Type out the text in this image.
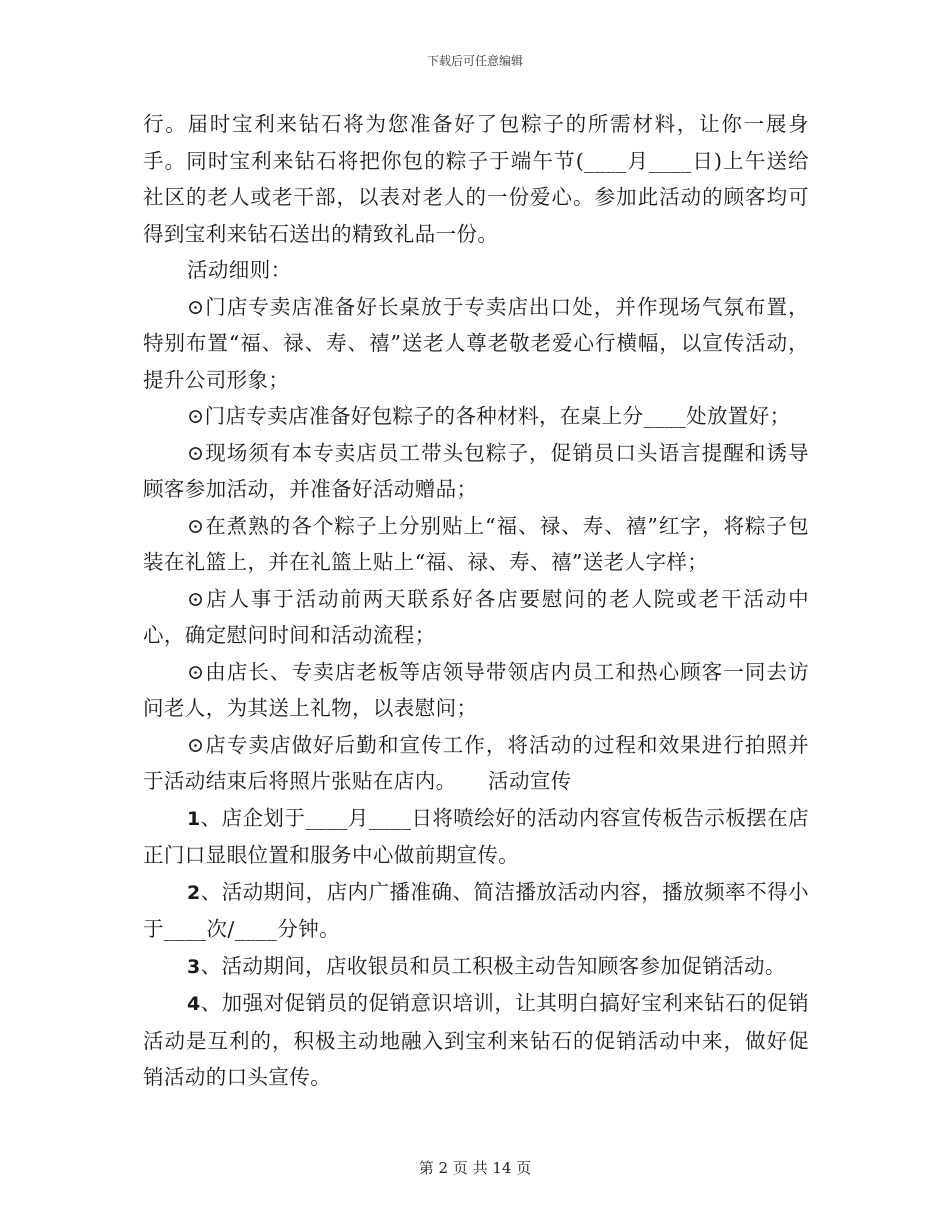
下载后可任意编辑

行。届时宝利来钻石将为您准备好了包粽子的所需材料，让你一展身手。同时宝利来钻石将把你包的粽子于端午节(____月____日)上午送给社区的老人或老干部，以表对老人的一份爱心。参加此活动的顾客均可得到宝利来钻石送出的精致礼品一份。

活动细则：

⊙门店专卖店准备好长桌放于专卖店出口处，并作现场气氛布置，特别布置“福、禄、寿、禧”送老人尊老敬老爱心行横幅，以宣传活动，提升公司形象；

⊙门店专卖店准备好包粽子的各种材料，在桌上分____处放置好；

⊙现场须有本专卖店员工带头包粽子，促销员口头语言提醒和诱导顾客参加活动，并准备好活动赠品；

⊙在煮熟的各个粽子上分别贴上“福、禄、寿、禧”红字，将粽子包装在礼篮上，并在礼篮上贴上“福、禄、寿、禧”送老人字样；

⊙店人事于活动前两天联系好各店要慰问的老人院或老干活动中心，确定慰问时间和活动流程；

⊙由店长、专卖店老板等店领导带领店内员工和热心顾客一同去访问老人，为其送上礼物，以表慰问；

⊙店专卖店做好后勤和宣传工作，将活动的过程和效果进行拍照并于活动结束后将照片张贴在店内。　　活动宣传

1、店企划于____月____日将喷绘好的活动内容宣传板告示板摆在店正门口显眼位置和服务中心做前期宣传。

2、活动期间，店内广播准确、简洁播放活动内容，播放频率不得小于____次/____分钟。

3、活动期间，店收银员和员工积极主动告知顾客参加促销活动。

4、加强对促销员的促销意识培训，让其明白搞好宝利来钻石的促销活动是互利的，积极主动地融入到宝利来钻石的促销活动中来，做好促销活动的口头宣传。

第 2 页 共 14 页
